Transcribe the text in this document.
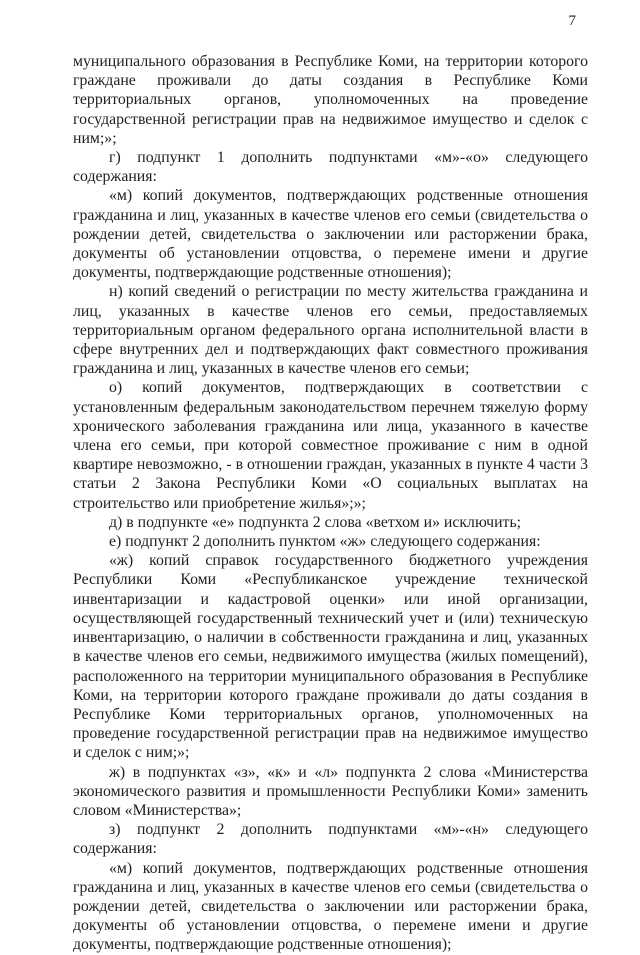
7

муниципального образования в Республике Коми, на территории которого граждане проживали до даты создания в Республике Коми территориальных органов, уполномоченных на проведение государственной регистрации прав на недвижимое имущество и сделок с ним;»;

г) подпункт 1 дополнить подпунктами «м»-«о» следующего содержания:

«м) копий документов, подтверждающих родственные отношения гражданина и лиц, указанных в качестве членов его семьи (свидетельства о рождении детей, свидетельства о заключении или расторжении брака, документы об установлении отцовства, о перемене имени и другие документы, подтверждающие родственные отношения);

н) копий сведений о регистрации по месту жительства гражданина и лиц, указанных в качестве членов его семьи, предоставляемых территориальным органом федерального органа исполнительной власти в сфере внутренних дел и подтверждающих факт совместного проживания гражданина и лиц, указанных в качестве членов его семьи;

о) копий документов, подтверждающих в соответствии с установленным федеральным законодательством перечнем тяжелую форму хронического заболевания гражданина или лица, указанного в качестве члена его семьи, при которой совместное проживание с ним в одной квартире невозможно, - в отношении граждан, указанных в пункте 4 части 3 статьи 2 Закона Республики Коми «О социальных выплатах на строительство или приобретение жилья»;»;

д) в подпункте «е» подпункта 2 слова «ветхом и» исключить;

е) подпункт 2 дополнить пунктом «ж» следующего содержания:

«ж) копий справок государственного бюджетного учреждения Республики Коми «Республиканское учреждение технической инвентаризации и кадастровой оценки» или иной организации, осуществляющей государственный технический учет и (или) техническую инвентаризацию, о наличии в собственности гражданина и лиц, указанных в качестве членов его семьи, недвижимого имущества (жилых помещений), расположенного на территории муниципального образования в Республике Коми, на территории которого граждане проживали до даты создания в Республике Коми территориальных органов, уполномоченных на проведение государственной регистрации прав на недвижимое имущество и сделок с ним;»;

ж) в подпунктах «з», «к» и «л» подпункта 2 слова «Министерства экономического развития и промышленности Республики Коми» заменить словом «Министерства»;

з) подпункт 2 дополнить подпунктами «м»-«н» следующего содержания:

«м) копий документов, подтверждающих родственные отношения гражданина и лиц, указанных в качестве членов его семьи (свидетельства о рождении детей, свидетельства о заключении или расторжении брака, документы об установлении отцовства, о перемене имени и другие документы, подтверждающие родственные отношения);
